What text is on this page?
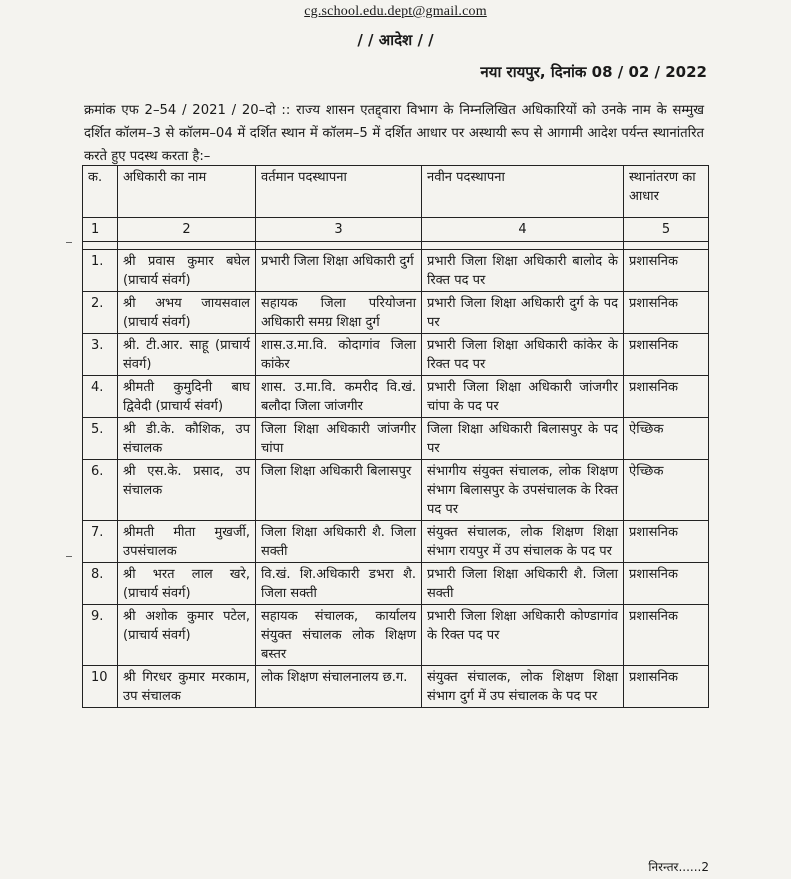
cg.school.edu.dept@gmail.com
/ / आदेश / /
नया रायपुर, दिनांक 08 / 02 / 2022
क्रमांक एफ 2–54 / 2021 / 20–दो :: राज्य शासन एतद्द्वारा विभाग के निम्नलिखित अधिकारियों को उनके नाम के सम्मुख दर्शित कॉलम–3 से कॉलम–04 में दर्शित स्थान में कॉलम–5 में दर्शित आधार पर अस्थायी रूप से आगामी आदेश पर्यन्त स्थानांतरित करते हुए पदस्थ करता है:–
क.	अधिकारी का नाम	वर्तमान पदस्थापना	नवीन पदस्थापना	स्थानांतरण का आधार
1	2	3	4	5

1.	श्री प्रवास कुमार बघेल (प्राचार्य संवर्ग)	प्रभारी जिला शिक्षा अधिकारी दुर्ग	प्रभारी जिला शिक्षा अधिकारी बालोद के रिक्त पद पर	प्रशासनिक
2.	श्री अभय जायसवाल (प्राचार्य संवर्ग)	सहायक जिला परियोजना अधिकारी समग्र शिक्षा दुर्ग	प्रभारी जिला शिक्षा अधिकारी दुर्ग के पद पर	प्रशासनिक
3.	श्री. टी.आर. साहू (प्राचार्य संवर्ग)	शास.उ.मा.वि. कोदागांव जिला कांकेर	प्रभारी जिला शिक्षा अधिकारी कांकेर के रिक्त पद पर	प्रशासनिक
4.	श्रीमती कुमुदिनी बाघ द्विवेदी (प्राचार्य संवर्ग)	शास. उ.मा.वि. कमरीद वि.खं. बलौदा जिला जांजगीर	प्रभारी जिला शिक्षा अधिकारी जांजगीर चांपा के पद पर	प्रशासनिक
5.	श्री डी.के. कौशिक, उप संचालक	जिला शिक्षा अधिकारी जांजगीर चांपा	जिला शिक्षा अधिकारी बिलासपुर के पद पर	ऐच्छिक
6.	श्री एस.के. प्रसाद, उप संचालक	जिला शिक्षा अधिकारी बिलासपुर	संभागीय संयुक्त संचालक, लोक शिक्षण संभाग बिलासपुर के उपसंचालक के रिक्त पद पर	ऐच्छिक
7.	श्रीमती मीता मुखर्जी, उपसंचालक	जिला शिक्षा अधिकारी शै. जिला सक्ती	संयुक्त संचालक, लोक शिक्षण शिक्षा संभाग रायपुर में उप संचालक के पद पर	प्रशासनिक
8.	श्री भरत लाल खरे, (प्राचार्य संवर्ग)	वि.खं. शि.अधिकारी डभरा शै. जिला सक्ती	प्रभारी जिला शिक्षा अधिकारी शै. जिला सक्ती	प्रशासनिक
9.	श्री अशोक कुमार पटेल, (प्राचार्य संवर्ग)	सहायक संचालक, कार्यालय संयुक्त संचालक लोक शिक्षण बस्तर	प्रभारी जिला शिक्षा अधिकारी कोण्डागांव के रिक्त पद पर	प्रशासनिक
10	श्री गिरधर कुमार मरकाम, उप संचालक	लोक शिक्षण संचालनालय छ.ग.	संयुक्त संचालक, लोक शिक्षण शिक्षा संभाग दुर्ग में उप संचालक के पद पर	प्रशासनिक
निरन्तर......2
